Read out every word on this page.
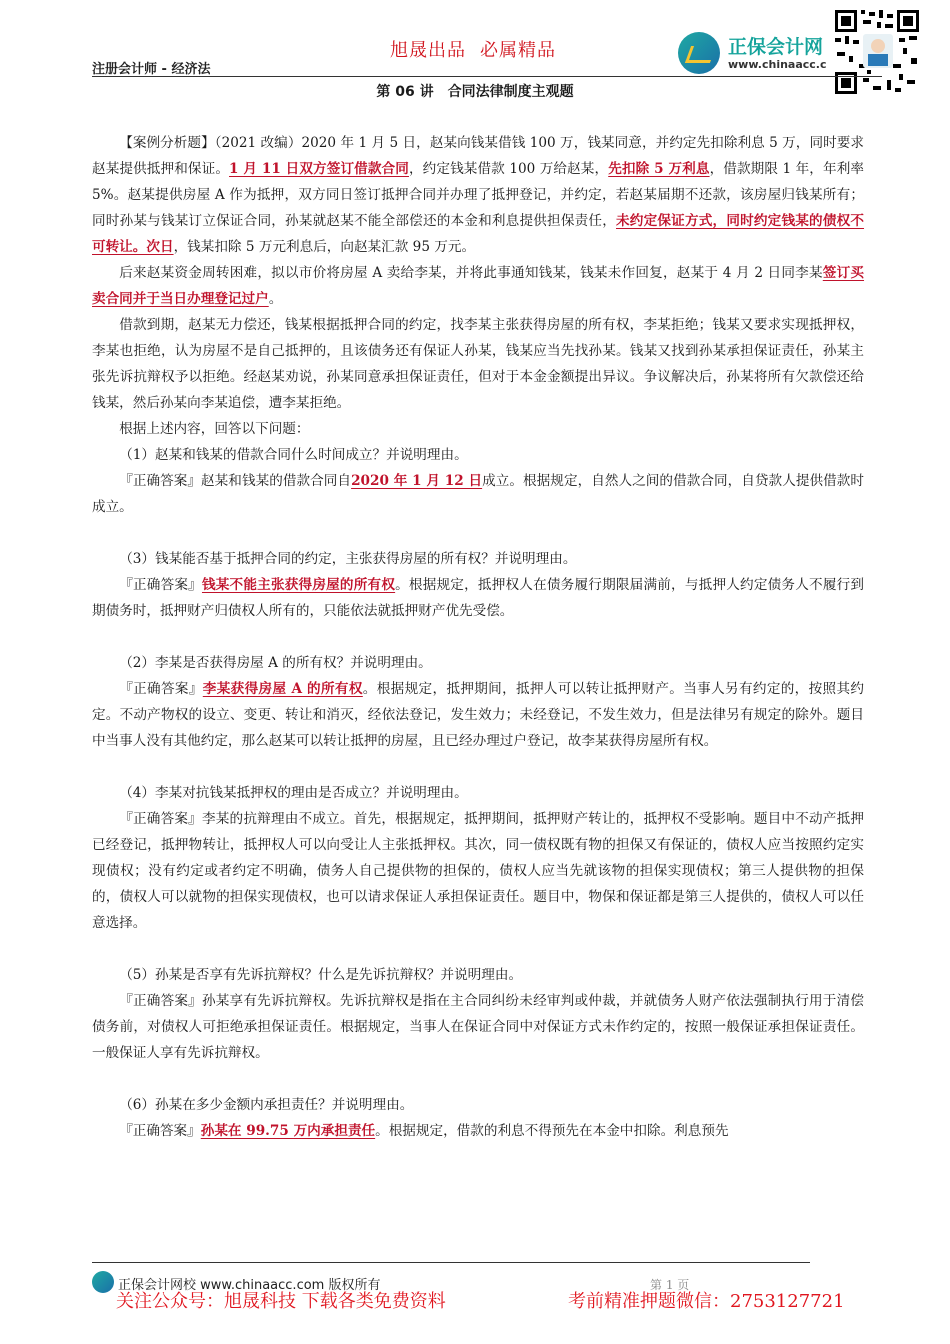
注册会计师 - 经济法
旭晟出品 必属精品	正保会计网
www.chinaacc.c
第 06 讲　合同法律制度主观题

【案例分析题】（2021 改编）2020 年 1 月 5 日，赵某向钱某借钱 100 万，钱某同意，并约定先扣除利息 5 万，同时要求赵某提供抵押和保证。1 月 11 日双方签订借款合同，约定钱某借款 100 万给赵某，先扣除 5 万利息，借款期限 1 年，年利率 5%。赵某提供房屋 A 作为抵押，双方同日签订抵押合同并办理了抵押登记，并约定，若赵某届期不还款，该房屋归钱某所有；同时孙某与钱某订立保证合同，孙某就赵某不能全部偿还的本金和利息提供担保责任，未约定保证方式，同时约定钱某的债权不可转让。次日，钱某扣除 5 万元利息后，向赵某汇款 95 万元。

后来赵某资金周转困难，拟以市价将房屋 A 卖给李某，并将此事通知钱某，钱某未作回复，赵某于 4 月 2 日同李某签订买卖合同并于当日办理登记过户。

借款到期，赵某无力偿还，钱某根据抵押合同的约定，找李某主张获得房屋的所有权，李某拒绝；钱某又要求实现抵押权，李某也拒绝，认为房屋不是自己抵押的，且该债务还有保证人孙某，钱某应当先找孙某。钱某又找到孙某承担保证责任，孙某主张先诉抗辩权予以拒绝。经赵某劝说，孙某同意承担保证责任，但对于本金金额提出异议。争议解决后，孙某将所有欠款偿还给钱某，然后孙某向李某追偿，遭李某拒绝。

根据上述内容，回答以下问题：

（1）赵某和钱某的借款合同什么时间成立？并说明理由。

『正确答案』赵某和钱某的借款合同自2020 年 1 月 12 日成立。根据规定，自然人之间的借款合同，自贷款人提供借款时成立。

（3）钱某能否基于抵押合同的约定，主张获得房屋的所有权？并说明理由。

『正确答案』钱某不能主张获得房屋的所有权。根据规定，抵押权人在债务履行期限届满前，与抵押人约定债务人不履行到期债务时，抵押财产归债权人所有的，只能依法就抵押财产优先受偿。

（2）李某是否获得房屋 A 的所有权？并说明理由。

『正确答案』李某获得房屋 A 的所有权。根据规定，抵押期间，抵押人可以转让抵押财产。当事人另有约定的，按照其约定。不动产物权的设立、变更、转让和消灭，经依法登记，发生效力；未经登记，不发生效力，但是法律另有规定的除外。题目中当事人没有其他约定，那么赵某可以转让抵押的房屋，且已经办理过户登记，故李某获得房屋所有权。

（4）李某对抗钱某抵押权的理由是否成立？并说明理由。

『正确答案』李某的抗辩理由不成立。首先，根据规定，抵押期间，抵押财产转让的，抵押权不受影响。题目中不动产抵押已经登记，抵押物转让，抵押权人可以向受让人主张抵押权。其次，同一债权既有物的担保又有保证的，债权人应当按照约定实现债权；没有约定或者约定不明确，债务人自己提供物的担保的，债权人应当先就该物的担保实现债权；第三人提供物的担保的，债权人可以就物的担保实现债权，也可以请求保证人承担保证责任。题目中，物保和保证都是第三人提供的，债权人可以任意选择。

（5）孙某是否享有先诉抗辩权？什么是先诉抗辩权？并说明理由。

『正确答案』孙某享有先诉抗辩权。先诉抗辩权是指在主合同纠纷未经审判或仲裁，并就债务人财产依法强制执行用于清偿债务前，对债权人可拒绝承担保证责任。根据规定，当事人在保证合同中对保证方式未作约定的，按照一般保证承担保证责任。一般保证人享有先诉抗辩权。

（6）孙某在多少金额内承担责任？并说明理由。

『正确答案』孙某在 99.75 万内承担责任。根据规定，借款的利息不得预先在本金中扣除。利息预先

正保会计网校 www.chinaacc.com 版权所有	第 1 页
关注公众号：旭晟科技 下载各类免费资料	考前精准押题微信：2753127721
